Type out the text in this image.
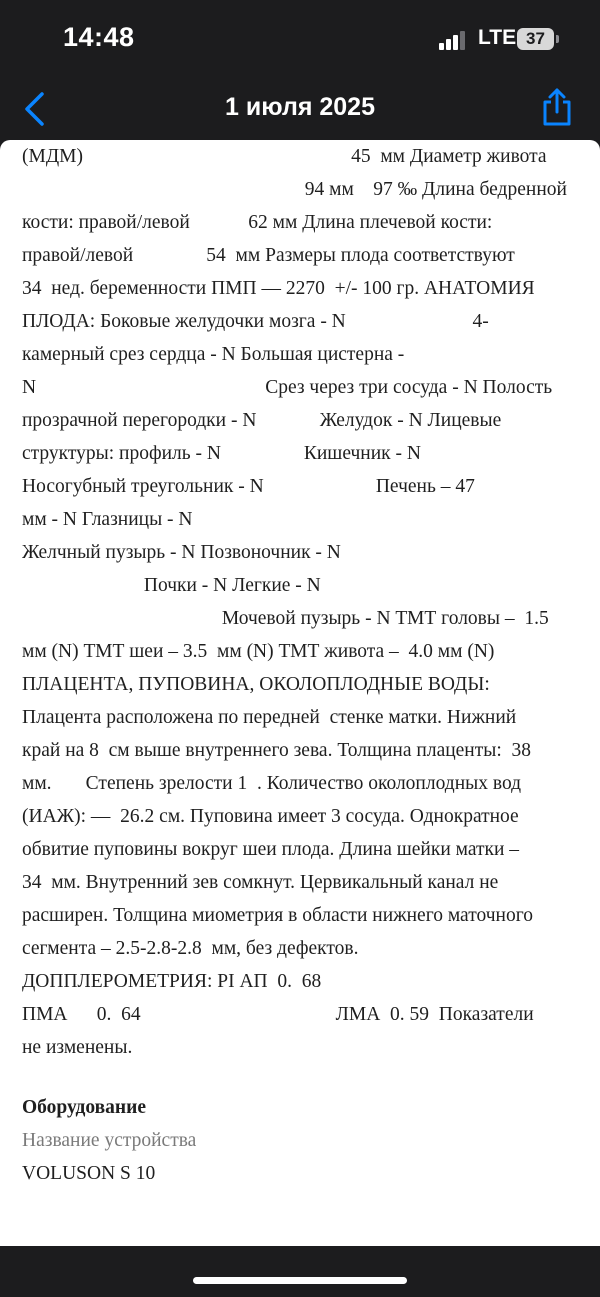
14:48	LTE 37
1 июля 2025
(МДМ)                                                       45  мм Диаметр живота
94 мм    97 ‰ Длина бедренной
кости: правой/левой            62 мм Длина плечевой кости:
правой/левой               54  мм Размеры плода соответствуют
34  нед. беременности ПМП — 2270  +/- 100 гр. АНАТОМИЯ
ПЛОДА: Боковые желудочки мозга - N                          4-
камерный срез сердца - N Большая цистерна -
N                                               Срез через три сосуда - N Полость
прозрачной перегородки - N             Желудок - N Лицевые
структуры: профиль - N                 Кишечник - N
Носогубный треугольник - N                       Печень – 47
мм - N Глазницы - N
Желчный пузырь - N Позвоночник - N
Почки - N Легкие - N
Мочевой пузырь - N ТМТ головы –  1.5
мм (N) ТМТ шеи – 3.5  мм (N) ТМТ живота –  4.0 мм (N)
ПЛАЦЕНТА, ПУПОВИНА, ОКОЛОПЛОДНЫЕ ВОДЫ:
Плацента расположена по передней  стенке матки. Нижний
край на 8  см выше внутреннего зева. Толщина плаценты:  38
мм.       Степень зрелости 1  . Количество околоплодных вод
(ИАЖ): —  26.2 см. Пуповина имеет 3 сосуда. Однократное
обвитие пуповины вокруг шеи плода. Длина шейки матки –
34  мм. Внутренний зев сомкнут. Цервикальный канал не
расширен. Толщина миометрия в области нижнего маточного
сегмента – 2.5-2.8-2.8  мм, без дефектов.
ДОППЛЕРОМЕТРИЯ: PI АП  0.  68
ПМА      0.  64                                        ЛМА  0. 59  Показатели
не изменены.
Оборудование
Название устройства
VOLUSON S 10
